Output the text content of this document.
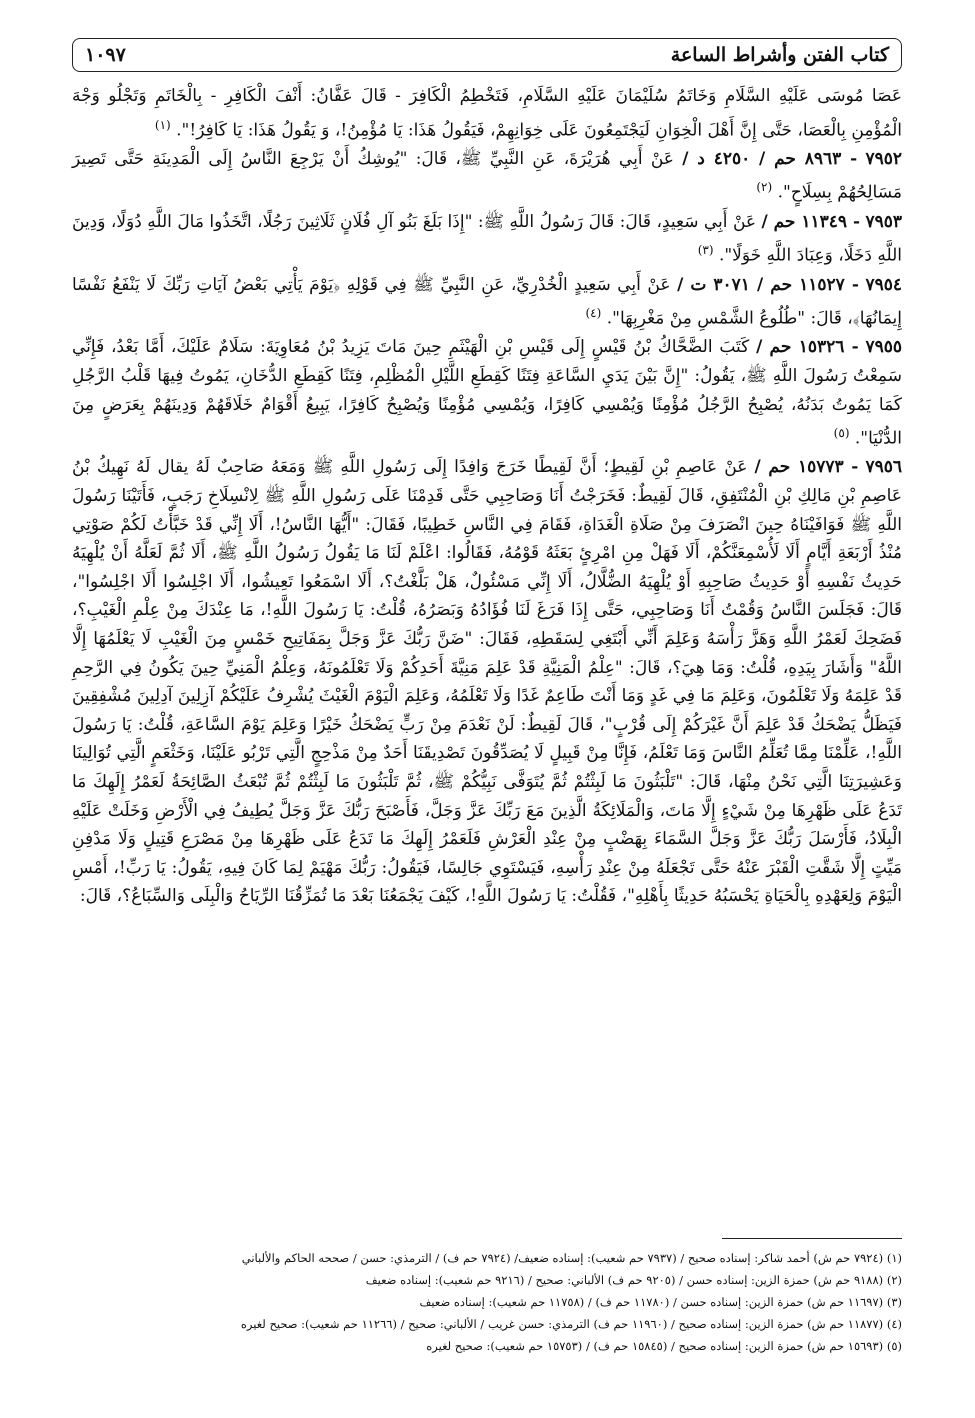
كتاب الفتن وأشراط الساعة
١٠٩٧

عَصَا مُوسَى عَلَيْهِ السَّلَامِ وَخَاتَمُ سُلَيْمَانَ عَلَيْهِ السَّلَامِ، فَتَخْطِمُ الْكَافِرَ - قَالَ عَفَّانُ: أَنْفَ الْكَافِرِ - بِالْخَاتَمِ وَتَجْلُو وَجْهَ الْمُؤْمِنِ بِالْعَصَا، حَتَّى إِنَّ أَهْلَ الْخِوَانِ لَيَجْتَمِعُونَ عَلَى خِوَانِهِمْ، فَيَقُولُ هَذَا: يَا مُؤْمِنُ!، وَ يَقُولُ هَذَا: يَا كَافِرُ!". $^{(١)}$

٧٩٥٢ - ٨٩٦٣ حم / ٤٢٥٠ د / عَنْ أَبِي هُرَيْرَةَ، عَنِ النَّبِيِّ ﷺ، قَالَ: "يُوشِكُ أَنْ يَرْجِعَ النَّاسُ إِلَى الْمَدِينَةِ حَتَّى تَصِيرَ مَسَالِحُهُمْ بِسِلَاحٍ". $^{(٢)}$

٧٩٥٣ - ١١٣٤٩ حم / عَنْ أَبِي سَعِيدٍ، قَالَ: قَالَ رَسُولُ اللَّهِ ﷺ: "إِذَا بَلَغَ بَنُو آلِ فُلَانٍ ثَلَاثِينَ رَجُلًا، اتَّخَذُوا مَالَ اللَّهِ دُوَلًا، وَدِينَ اللَّهِ دَخَلًا، وَعِبَادَ اللَّهِ خَوَلًا". $^{(٣)}$

٧٩٥٤ - ١١٥٢٧ حم / ٣٠٧١ ت / عَنْ أَبِي سَعِيدٍ الْخُدْرِيِّ، عَنِ النَّبِيِّ ﷺ فِي قَوْلِهِ ﴿يَوْمَ يَأْتِي بَعْضُ آيَاتِ رَبِّكَ لَا يَنْفَعُ نَفْسًا إِيمَانُهَا﴾، قَالَ: "طُلُوعُ الشَّمْسِ مِنْ مَغْرِبِهَا". $^{(٤)}$

٧٩٥٥ - ١٥٣٢٦ حم / كَتَبَ الضَّحَّاكُ بْنُ قَيْسٍ إِلَى قَيْسِ بْنِ الْهَيْثَمِ حِينَ مَاتَ يَزِيدُ بْنُ مُعَاوِيَةَ: سَلَامٌ عَلَيْكَ، أَمَّا بَعْدُ، فَإِنِّي سَمِعْتُ رَسُولَ اللَّهِ ﷺ، يَقُولُ: "إِنَّ بَيْنَ يَدَيِ السَّاعَةِ فِتَنًا كَقِطَعِ اللَّيْلِ الْمُظْلِمِ، فِتَنًا كَقِطَعِ الدُّخَانِ، يَمُوتُ فِيهَا قَلْبُ الرَّجُلِ كَمَا يَمُوتُ بَدَنُهُ، يُصْبِحُ الرَّجُلُ مُؤْمِنًا وَيُمْسِي كَافِرًا، وَيُمْسِي مُؤْمِنًا وَيُصْبِحُ كَافِرًا، يَبِيعُ أَقْوَامٌ خَلَاقَهُمْ وَدِينَهُمْ بِعَرَضٍ مِنَ الدُّنْيَا". $^{(٥)}$

٧٩٥٦ - ١٥٧٧٣ حم / عَنْ عَاصِمِ بْنِ لَقِيطٍ؛ أَنَّ لَقِيطًا خَرَجَ وَافِدًا إِلَى رَسُولِ اللَّهِ ﷺ وَمَعَهُ صَاحِبٌ لَهُ يقال لَهُ نَهِيكُ بْنُ عَاصِمِ بْنِ مَالِكِ بْنِ الْمُنْتَفِقِ، قَالَ لَقِيطٌ: فَخَرَجْتُ أَنَا وَصَاحِبِي حَتَّى قَدِمْنَا عَلَى رَسُولِ اللَّهِ ﷺ لِانْسِلَاخِ رَجَبٍ، فَأَتَيْنَا رَسُولَ اللَّهِ ﷺ فَوَافَيْنَاهُ حِينَ انْصَرَفَ مِنْ صَلَاةِ الْغَدَاةِ، فَقَامَ فِي النَّاسِ خَطِيبًا، فَقَالَ: "أَيُّهَا النَّاسُ!، أَلَا إِنِّي قَدْ خَبَّأْتُ لَكُمْ صَوْتِي مُنْذُ أَرْبَعَةِ أَيَّامٍ أَلَا لَأُسْمِعَنَّكُمْ، أَلَا فَهَلْ مِنِ امْرِئٍ بَعَثَهُ قَوْمُهُ، فَقَالُوا: اعْلَمْ لَنَا مَا يَقُولُ رَسُولُ اللَّهِ ﷺ، أَلَا ثُمَّ لَعَلَّهُ أَنْ يُلْهِيَهُ حَدِيثُ نَفْسِهِ أَوْ حَدِيثُ صَاحِبِهِ أَوْ يُلْهِيَهُ الضُّلَّالُ، أَلَا إِنِّي مَسْئُولٌ، هَلْ بَلَّغْتُ؟، أَلَا اسْمَعُوا تَعِيشُوا، أَلَا اجْلِسُوا أَلَا اجْلِسُوا"، قَالَ: فَجَلَسَ النَّاسُ وَقُمْتُ أَنَا وَصَاحِبِي، حَتَّى إِذَا فَرَغَ لَنَا فُؤَادُهُ وَبَصَرُهُ، قُلْتُ: يَا رَسُولَ اللَّهِ!، مَا عِنْدَكَ مِنْ عِلْمِ الْغَيْبِ؟، فَضَحِكَ لَعَمْرُ اللَّهِ وَهَزَّ رَأْسَهُ وَعَلِمَ أَنِّي أَبْتَغِي لِسَقَطِهِ، فَقَالَ: "ضَنَّ رَبُّكَ عَزَّ وَجَلَّ بِمَفَاتِيحِ خَمْسٍ مِنَ الْغَيْبِ لَا يَعْلَمُهَا إِلَّا اللَّهُ" وَأَشَارَ بِيَدِهِ، قُلْتُ: وَمَا هِيَ؟، قَالَ: "عِلْمُ الْمَنِيَّةِ قَدْ عَلِمَ مَنِيَّةَ أَحَدِكُمْ وَلَا تَعْلَمُونَهُ، وَعِلْمُ الْمَنِيِّ حِينَ يَكُونُ فِي الرَّحِمِ قَدْ عَلِمَهُ وَلَا تَعْلَمُونَ، وَعَلِمَ مَا فِي غَدٍ وَمَا أَنْتَ طَاعِمٌ غَدًا وَلَا تَعْلَمُهُ، وَعَلِمَ الْيَوْمَ الْغَيْثَ يُشْرِفُ عَلَيْكُمْ آزِلِينَ آدِلِينَ مُشْفِقِينَ فَيَظَلُّ يَضْحَكُ قَدْ عَلِمَ أَنَّ غَيْرَكُمْ إِلَى قُرْبٍ"، قَالَ لَقِيطٌ: لَنْ نَعْدَمَ مِنْ رَبٍّ يَضْحَكُ خَيْرًا وَعَلِمَ يَوْمَ السَّاعَةِ، قُلْتُ: يَا رَسُولَ اللَّهِ!، عَلِّمْنَا مِمَّا تُعَلِّمُ النَّاسَ وَمَا تَعْلَمُ، فَإِنَّا مِنْ قَبِيلٍ لَا يُصَدِّقُونَ تَصْدِيقَنَا أَحَدٌ مِنْ مَذْحِجٍ الَّتِي تَرْبُو عَلَيْنَا، وَخَثْعَمٍ الَّتِي تُوَالِينَا وَعَشِيرَتِنَا الَّتِي نَحْنُ مِنْهَا، قَالَ: "تَلْبَثُونَ مَا لَبِثْتُمْ ثُمَّ يُتَوَفَّى نَبِيُّكُمْ ﷺ، ثُمَّ تَلْبَثُونَ مَا لَبِثْتُمْ ثُمَّ تُبْعَثُ الصَّائِحَةُ لَعَمْرُ إِلَهِكَ مَا تَدَعُ عَلَى ظَهْرِهَا مِنْ شَيْءٍ إِلَّا مَاتَ، وَالْمَلَائِكَةُ الَّذِينَ مَعَ رَبِّكَ عَزَّ وَجَلَّ، فَأَصْبَحَ رَبُّكَ عَزَّ وَجَلَّ يُطِيفُ فِي الْأَرْضِ وَخَلَتْ عَلَيْهِ الْبِلَادُ، فَأَرْسَلَ رَبُّكَ عَزَّ وَجَلَّ السَّمَاءَ بِهَضْبٍ مِنْ عِنْدِ الْعَرْشِ فَلَعَمْرُ إِلَهِكَ مَا تَدَعُ عَلَى ظَهْرِهَا مِنْ مَصْرَعِ قَتِيلٍ وَلَا مَدْفِنِ مَيِّتٍ إِلَّا شَقَّتِ الْقَبْرَ عَنْهُ حَتَّى تَجْعَلَهُ مِنْ عِنْدِ رَأْسِهِ، فَيَسْتَوِي جَالِسًا، فَيَقُولُ: رَبُّكَ مَهْيَمْ لِمَا كَانَ فِيهِ، يَقُولُ: يَا رَبِّ!، أَمْسِ الْيَوْمَ وَلِعَهْدِهِ بِالْحَيَاةِ يَحْسَبُهُ حَدِيثًا بِأَهْلِهِ"، فَقُلْتُ: يَا رَسُولَ اللَّهِ!، كَيْفَ يَجْمَعُنَا بَعْدَ مَا تُمَزِّقُنَا الرِّيَاحُ وَالْبِلَى وَالسِّبَاعُ؟، قَالَ:

(١) (٧٩٢٤ حم ش) أحمد شاكر: إسناده صحيح / (٧٩٣٧ حم شعيب): إسناده ضعيف/ (٧٩٢٤ حم ف) / الترمذي: حسن / صححه الحاكم والألباني

(٢) (٩١٨٨ حم ش) حمزة الزين: إسناده حسن / (٩٢٠٥ حم ف) الألباني: صحيح / (٩٢١٦ حم شعيب): إسناده ضعيف

(٣) (١١٦٩٧ حم ش) حمزة الزين: إسناده حسن / (١١٧٨٠ حم ف) / (١١٧٥٨ حم شعيب): إسناده ضعيف

(٤) (١١٨٧٧ حم ش) حمزة الزين: إسناده صحيح / (١١٩٦٠ حم ف) الترمذي: حسن غريب / الألباني: صحيح / (١١٢٦٦ حم شعيب): صحيح لغيره

(٥) (١٥٦٩٣ حم ش) حمزة الزين: إسناده صحيح / (١٥٨٤٥ حم ف) / (١٥٧٥٣ حم شعيب): صحيح لغيره
